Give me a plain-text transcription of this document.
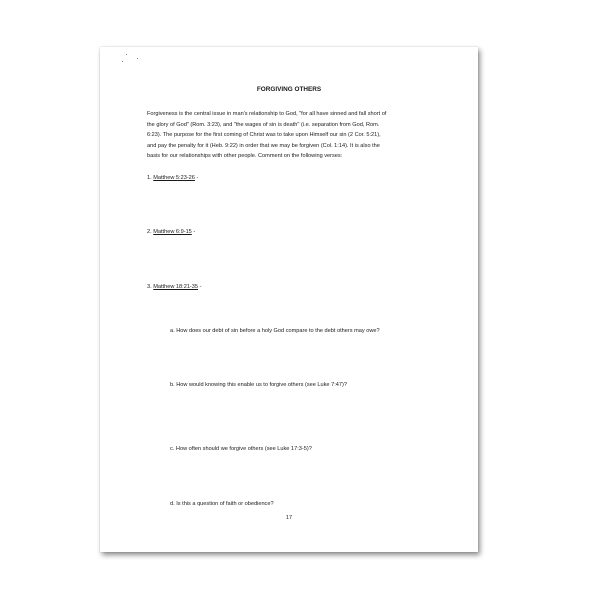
FORGIVING OTHERS

Forgiveness is the central issue in man's relationship to God, "for all have sinned and fall short of
the glory of God" (Rom. 3:23), and "the wages of sin is death" (i.e. separation from God, Rom.
6:23). The purpose for the first coming of Christ was to take upon Himself our sin (2 Cor. 5:21),
and pay the penalty for it (Heb. 9:22) in order that we may be forgiven (Col. 1:14). It is also the
basis for our relationships with other people. Comment on the following verses:

1. Matthew 5:23-26 -
2. Matthew 6:9-15 -
3. Matthew 18:21-35 -
a. How does our debt of sin before a holy God compare to the debt others may owe?
b. How would knowing this enable us to forgive others (see Luke 7:47)?
c. How often should we forgive others (see Luke 17:3-5)?
d. Is this a question of faith or obedience?
17
